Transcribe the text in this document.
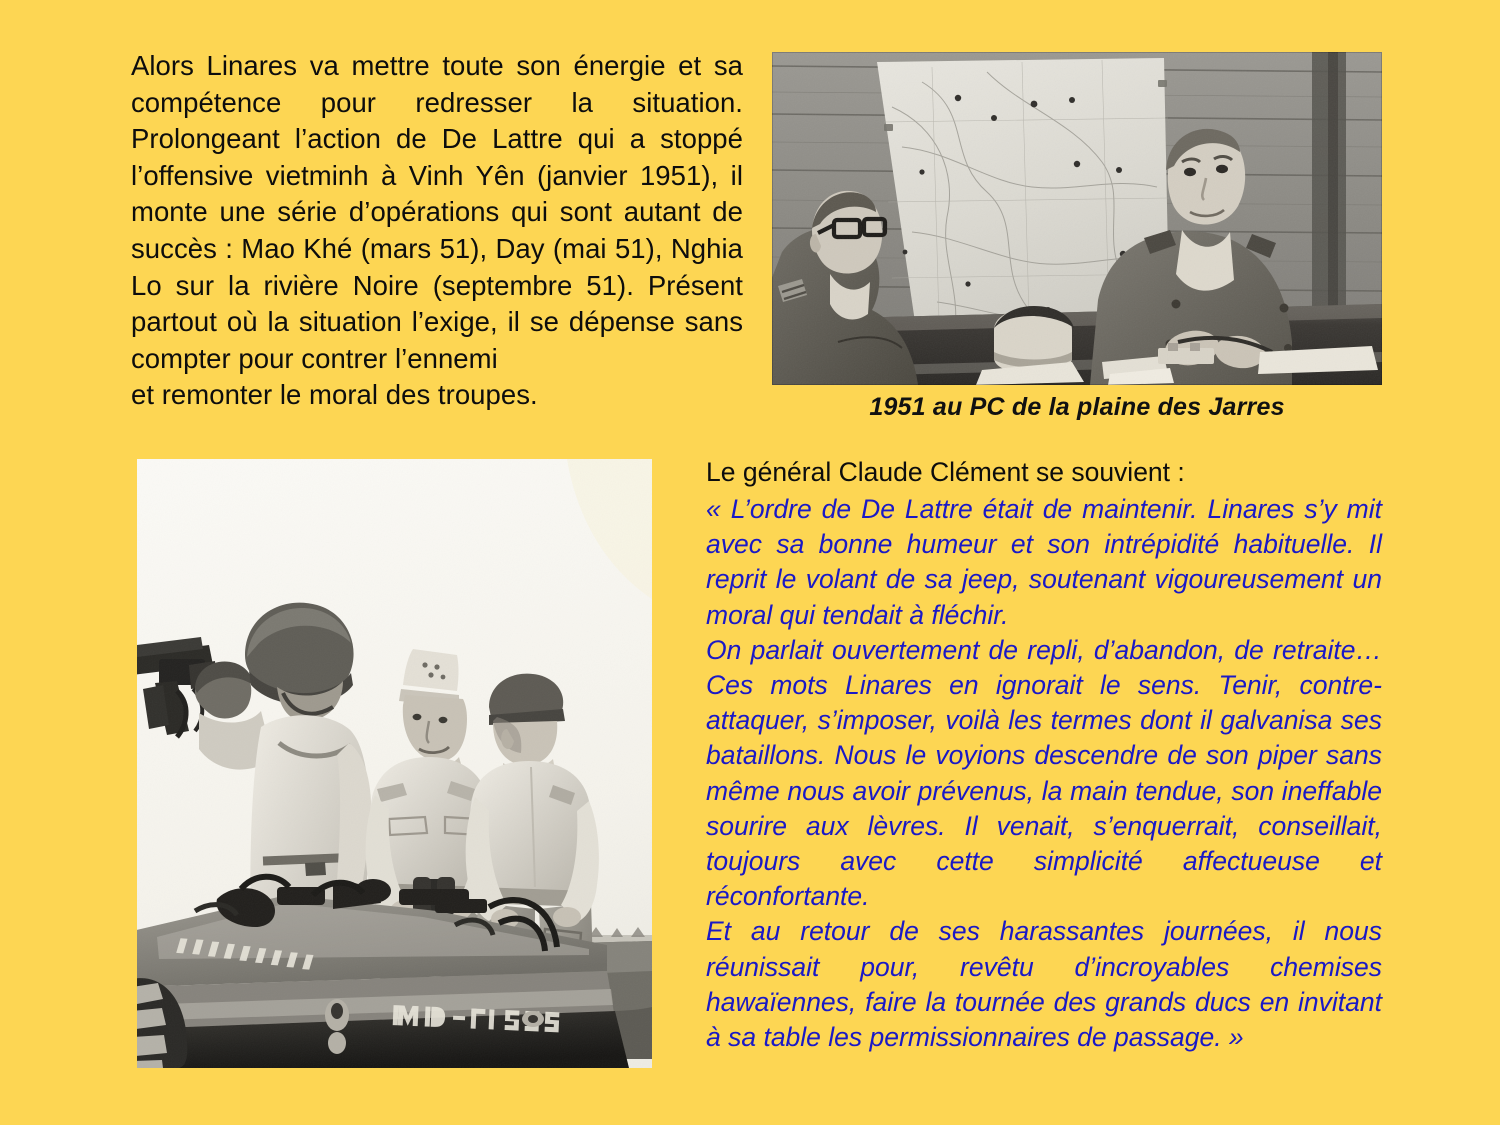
Alors Linares va mettre toute son énergie et sa compétence pour redresser la situation. Prolongeant l’action de De Lattre qui a stoppé l’offensive vietminh à Vinh Yên (janvier 1951), il monte une série d’opérations qui sont autant de succès : Mao Khé (mars 51), Day (mai 51), Nghia Lo sur la rivière Noire (septembre 51). Présent partout où la situation l’exige, il se dépense sans compter pour contrer l’ennemi

et remonter le moral des troupes.	1951 au PC de la plaine des Jarres

Le général Claude Clément se souvient :

« L’ordre de De Lattre était de maintenir. Linares s’y mit avec sa bonne humeur et son intrépidité habituelle. Il reprit le volant de sa jeep, soutenant vigoureusement un moral qui tendait à fléchir.

On parlait ouvertement de repli, d’abandon, de retraite… Ces mots Linares en ignorait le sens. Tenir, contre-attaquer, s’imposer, voilà les termes dont il galvanisa ses bataillons. Nous le voyions descendre de son piper sans même nous avoir prévenus, la main tendue, son ineffable sourire aux lèvres. Il venait, s’enquerrait, conseillait, toujours avec cette simplicité affectueuse et réconfortante.

Et au retour de ses harassantes journées, il nous réunissait pour, revêtu d’incroyables chemises hawaïennes, faire la tournée des grands ducs en invitant à sa table les permissionnaires de passage. »
